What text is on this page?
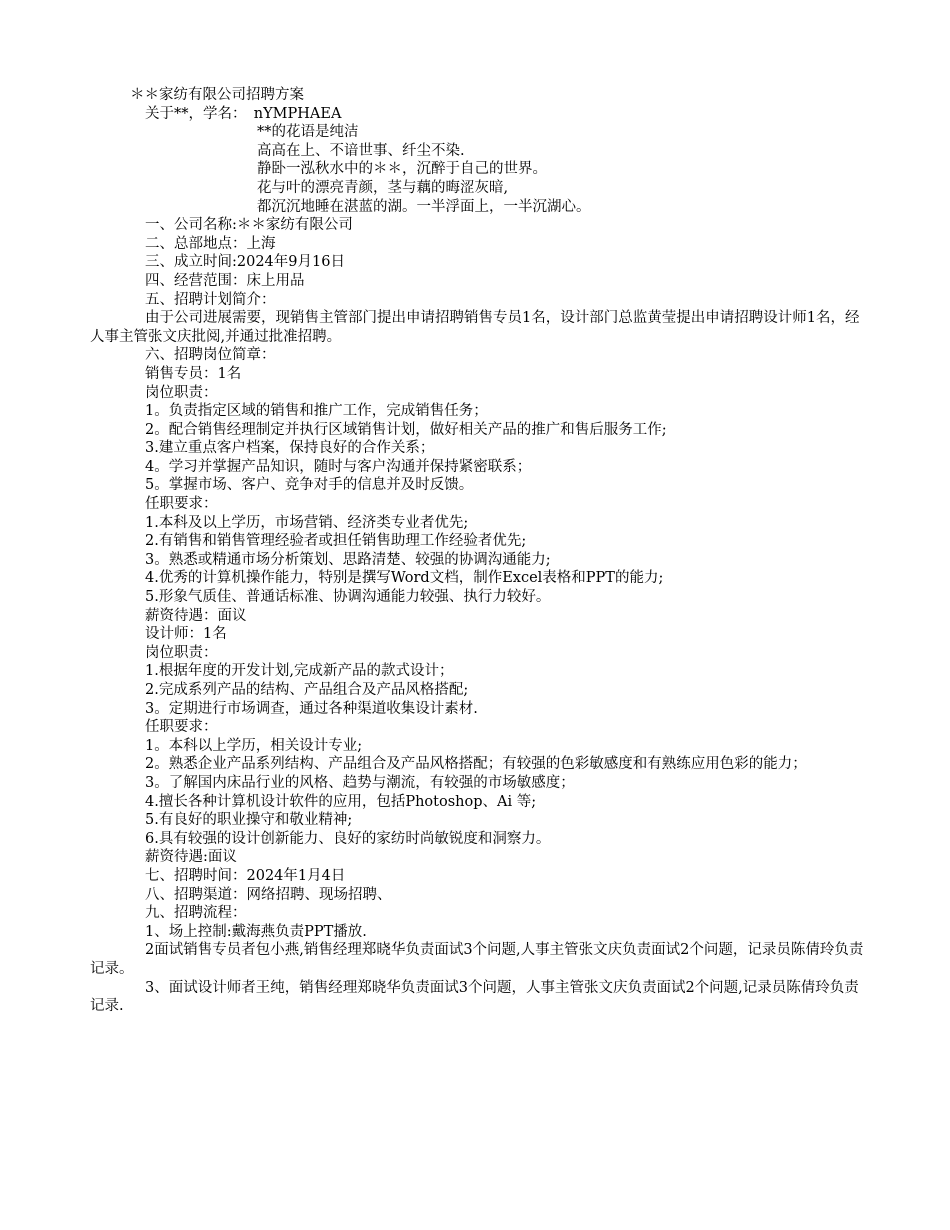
＊＊家纺有限公司招聘方案

关于**，学名：　nYMPHAEA

**的花语是纯洁

高高在上、不谙世事、纤尘不染.

静卧一泓秋水中的＊＊，沉醉于自己的世界。

花与叶的漂亮青颜，茎与藕的晦涩灰暗,

都沉沉地睡在湛蓝的湖。一半浮面上，一半沉湖心。

一、公司名称:＊＊家纺有限公司

二、总部地点：上海

三、成立时间:2024年9月16日

四、经营范围：床上用品

五、招聘计划简介：

由于公司进展需要，现销售主管部门提出申请招聘销售专员1名，设计部门总监黄莹提出申请招聘设计师1名，经人事主管张文庆批阅,并通过批准招聘。

六、招聘岗位简章：

销售专员：1名

岗位职责：

1。负责指定区域的销售和推广工作，完成销售任务；

2。配合销售经理制定并执行区域销售计划，做好相关产品的推广和售后服务工作;

3.建立重点客户档案，保持良好的合作关系；

4。学习并掌握产品知识，随时与客户沟通并保持紧密联系；

5。掌握市场、客户、竞争对手的信息并及时反馈。

任职要求：

1.本科及以上学历，市场营销、经济类专业者优先;

2.有销售和销售管理经验者或担任销售助理工作经验者优先;

3。熟悉或精通市场分析策划、思路清楚、较强的协调沟通能力;

4.优秀的计算机操作能力，特别是撰写Word文档，制作Excel表格和PPT的能力;

5.形象气质佳、普通话标准、协调沟通能力较强、执行力较好。

薪资待遇：面议

设计师：1名

岗位职责：

1.根据年度的开发计划,完成新产品的款式设计；

2.完成系列产品的结构、产品组合及产品风格搭配;

3。定期进行市场调查，通过各种渠道收集设计素材.

任职要求：

1。本科以上学历，相关设计专业;

2。熟悉企业产品系列结构、产品组合及产品风格搭配；有较强的色彩敏感度和有熟练应用色彩的能力；

3。了解国内床品行业的风格、趋势与潮流，有较强的市场敏感度；

4.擅长各种计算机设计软件的应用，包括Photoshop、Ai 等;

5.有良好的职业操守和敬业精神;

6.具有较强的设计创新能力、良好的家纺时尚敏锐度和洞察力。

薪资待遇:面议

七、招聘时间：2024年1月4日

八、招聘渠道：网络招聘、现场招聘、

九、招聘流程：

1、场上控制:戴海燕负责PPT播放.

2面试销售专员者包小燕,销售经理郑晓华负责面试3个问题,人事主管张文庆负责面试2个问题，记录员陈倩玲负责记录。

3、面试设计师者王纯，销售经理郑晓华负责面试3个问题，人事主管张文庆负责面试2个问题,记录员陈倩玲负责记录.
